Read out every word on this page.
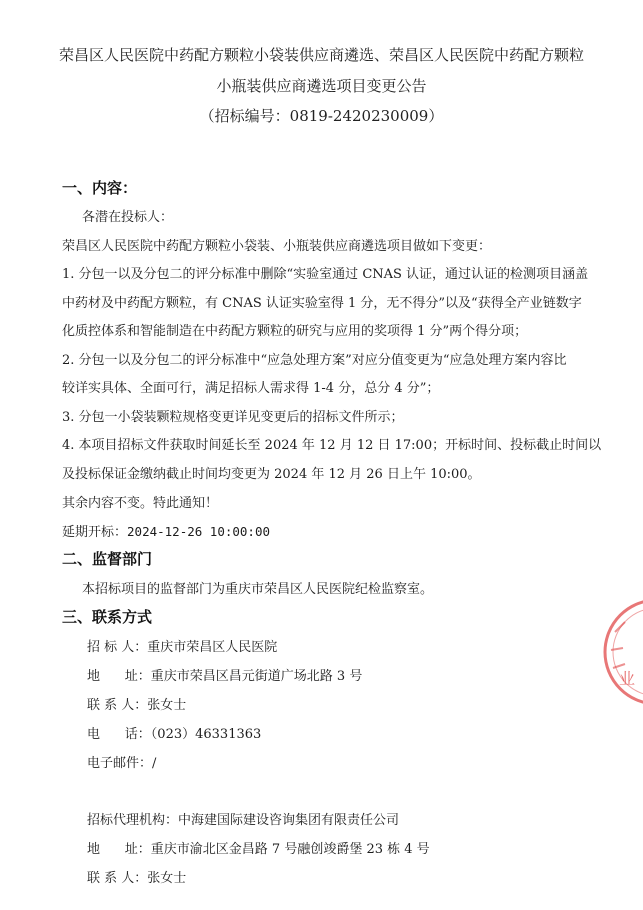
荣昌区人民医院中药配方颗粒小袋装供应商遴选、荣昌区人民医院中药配方颗粒
小瓶装供应商遴选项目变更公告
（招标编号：0819-2420230009）
一、内容：
各潜在投标人：
荣昌区人民医院中药配方颗粒小袋装、小瓶装供应商遴选项目做如下变更：
1. 分包一以及分包二的评分标准中删除“实验室通过 CNAS 认证，通过认证的检测项目涵盖
中药材及中药配方颗粒，有 CNAS 认证实验室得 1 分，无不得分”以及“获得全产业链数字
化质控体系和智能制造在中药配方颗粒的研究与应用的奖项得 1 分”两个得分项；
2. 分包一以及分包二的评分标准中“应急处理方案”对应分值变更为“应急处理方案内容比
较详实具体、全面可行，满足招标人需求得 1-4 分，总分 4 分”；
3. 分包一小袋装颗粒规格变更详见变更后的招标文件所示；
4. 本项目招标文件获取时间延长至 2024 年 12 月 12 日 17:00；开标时间、投标截止时间以
及投标保证金缴纳截止时间均变更为 2024 年 12 月 26 日上午 10:00。
其余内容不变。特此通知！
延期开标：2024-12-26 10:00:00
二、监督部门
本招标项目的监督部门为重庆市荣昌区人民医院纪检监察室。
三、联系方式
招 标 人：重庆市荣昌区人民医院
地      址：重庆市荣昌区昌元街道广场北路 3 号
联 系 人：张女士
电      话：（023）46331363
电子邮件：/
招标代理机构：中海建国际建设咨询集团有限责任公司
地      址：重庆市渝北区金昌路 7 号融创竣爵堡 23 栋 4 号
联 系 人：张女士
业
